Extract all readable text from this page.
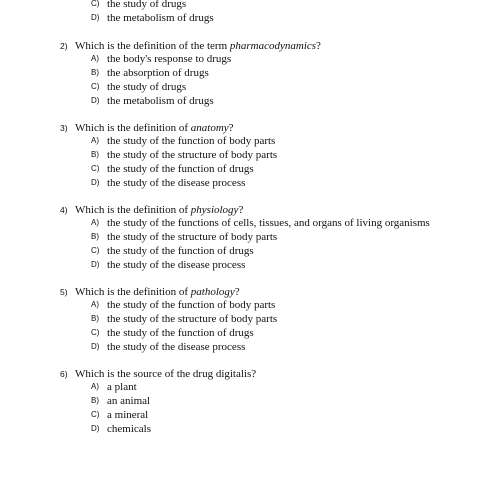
C) the study of drugs
D) the metabolism of drugs
2) Which is the definition of the term pharmacodynamics?
A) the body's response to drugs
B) the absorption of drugs
C) the study of drugs
D) the metabolism of drugs
3) Which is the definition of anatomy?
A) the study of the function of body parts
B) the study of the structure of body parts
C) the study of the function of drugs
D) the study of the disease process
4) Which is the definition of physiology?
A) the study of the functions of cells, tissues, and organs of living organisms
B) the study of the structure of body parts
C) the study of the function of drugs
D) the study of the disease process
5) Which is the definition of pathology?
A) the study of the function of body parts
B) the study of the structure of body parts
C) the study of the function of drugs
D) the study of the disease process
6) Which is the source of the drug digitalis?
A) a plant
B) an animal
C) a mineral
D) chemicals
